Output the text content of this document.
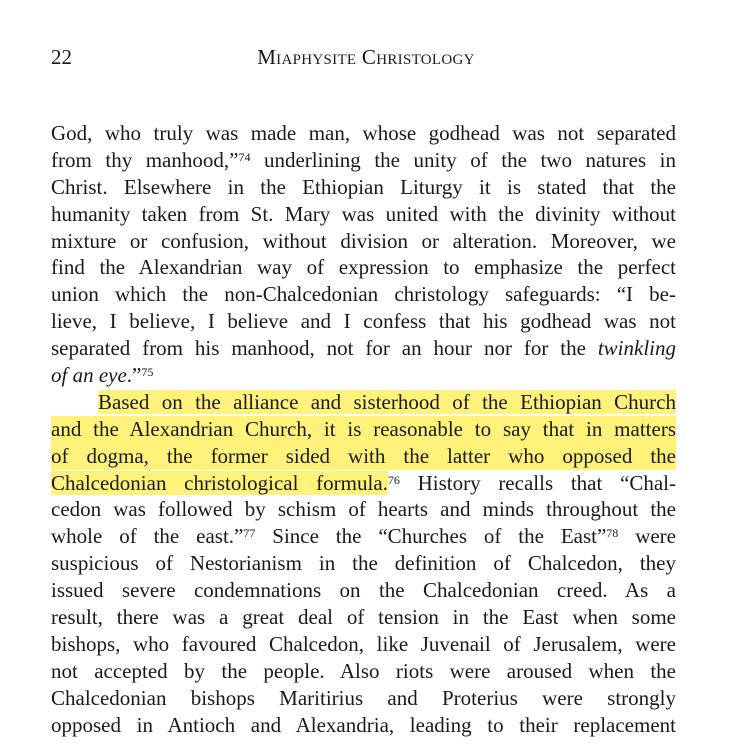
22	Miaphysite Christology
God, who truly was made man, whose godhead was not separated
from thy manhood,”$^{74}$ underlining the unity of the two natures in
Christ. Elsewhere in the Ethiopian Liturgy it is stated that the
humanity taken from St. Mary was united with the divinity without
mixture or confusion, without division or alteration. Moreover, we
find the Alexandrian way of expression to emphasize the perfect
union which the non-Chalcedonian christology safeguards: “I be-
lieve, I believe, I believe and I confess that his godhead was not
separated from his manhood, not for an hour nor for the twinkling
of an eye.”$^{75}$
Based on the alliance and sisterhood of the Ethiopian Church
and the Alexandrian Church, it is reasonable to say that in matters
of dogma, the former sided with the latter who opposed the
Chalcedonian christological formula.$^{76}$ History recalls that “Chal-
cedon was followed by schism of hearts and minds throughout the
whole of the east.”$^{77}$ Since the “Churches of the East”$^{78}$ were
suspicious of Nestorianism in the definition of Chalcedon, they
issued severe condemnations on the Chalcedonian creed. As a
result, there was a great deal of tension in the East when some
bishops, who favoured Chalcedon, like Juvenail of Jerusalem, were
not accepted by the people. Also riots were aroused when the
Chalcedonian bishops Maritirius and Proterius were strongly
opposed in Antioch and Alexandria, leading to their replacement
